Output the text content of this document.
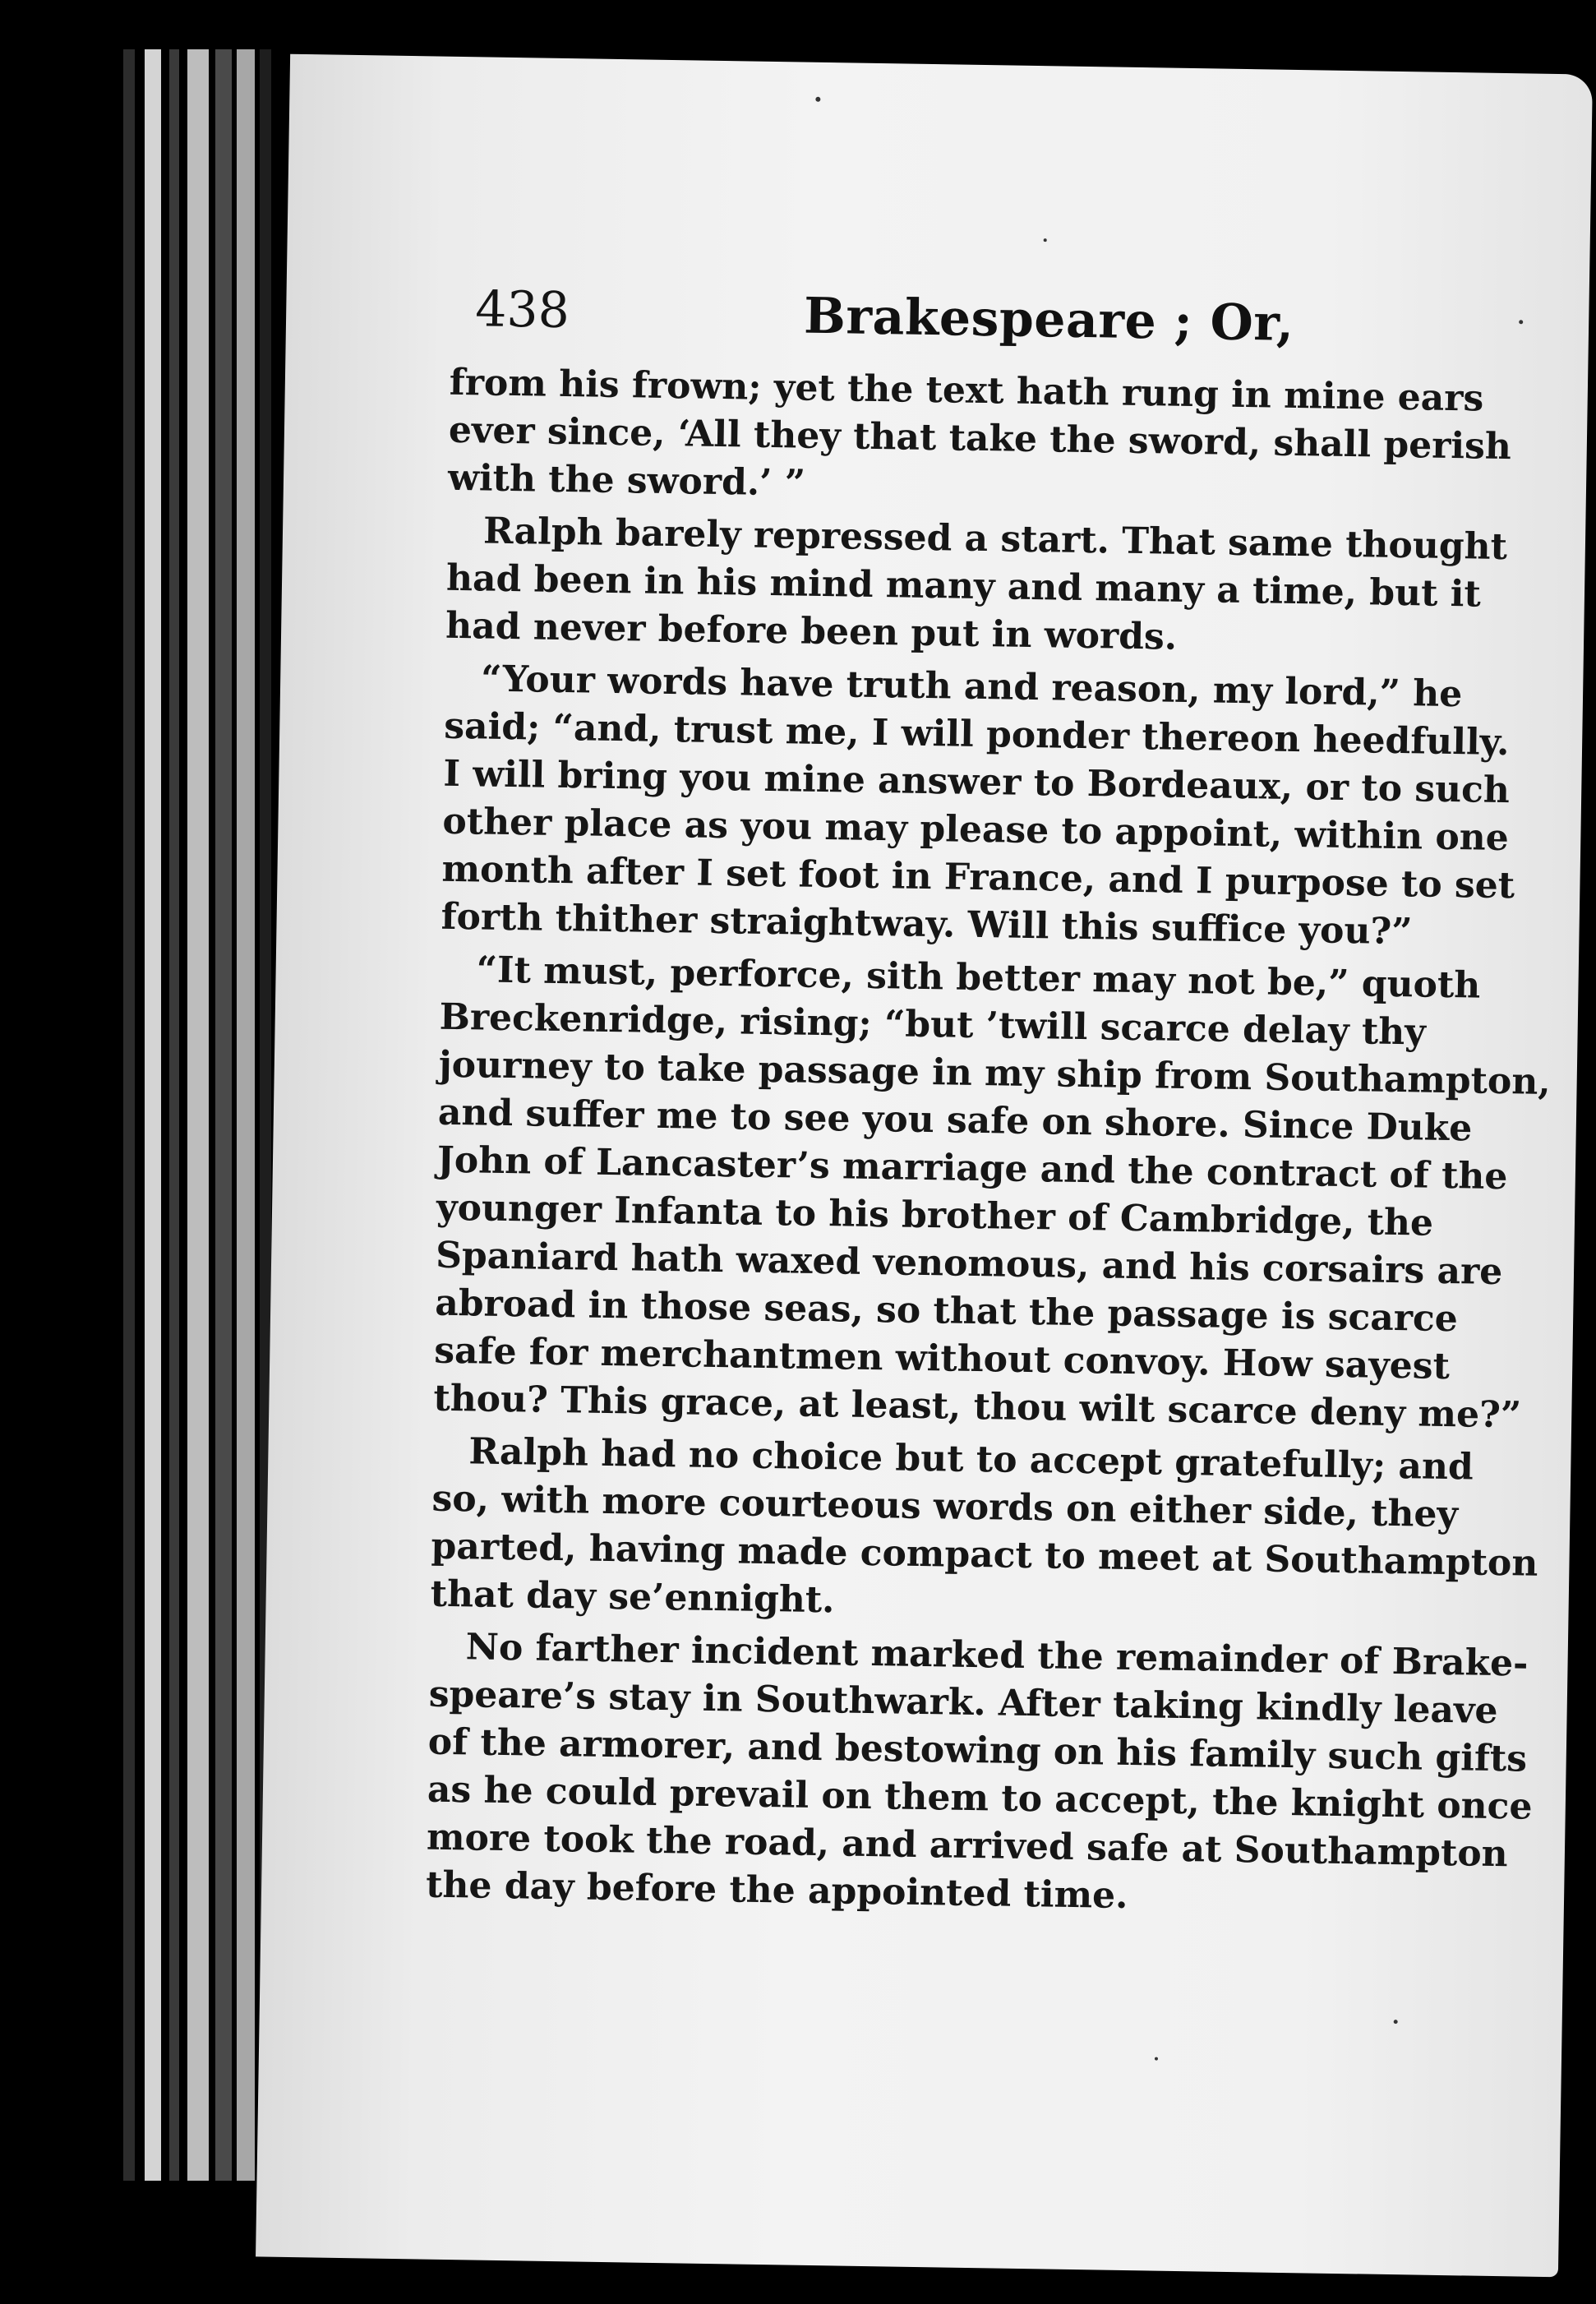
438	Brakespeare ; Or,
from his frown; yet the text hath rung in mine ears
ever since, ‘All they that take the sword, shall perish
with the sword.’ ”
Ralph barely repressed a start. That same thought
had been in his mind many and many a time, but it
had never before been put in words.
“Your words have truth and reason, my lord,” he
said; “and, trust me, I will ponder thereon heedfully.
I will bring you mine answer to Bordeaux, or to such
other place as you may please to appoint, within one
month after I set foot in France, and I purpose to set
forth thither straightway. Will this suffice you?”
“It must, perforce, sith better may not be,” quoth
Breckenridge, rising; “but ’twill scarce delay thy
journey to take passage in my ship from Southampton,
and suffer me to see you safe on shore. Since Duke
John of Lancaster’s marriage and the contract of the
younger Infanta to his brother of Cambridge, the
Spaniard hath waxed venomous, and his corsairs are
abroad in those seas, so that the passage is scarce
safe for merchantmen without convoy. How sayest
thou? This grace, at least, thou wilt scarce deny me?”
Ralph had no choice but to accept gratefully; and
so, with more courteous words on either side, they
parted, having made compact to meet at Southampton
that day se’ennight.
No farther incident marked the remainder of Brake-
speare’s stay in Southwark. After taking kindly leave
of the armorer, and bestowing on his family such gifts
as he could prevail on them to accept, the knight once
more took the road, and arrived safe at Southampton
the day before the appointed time.
